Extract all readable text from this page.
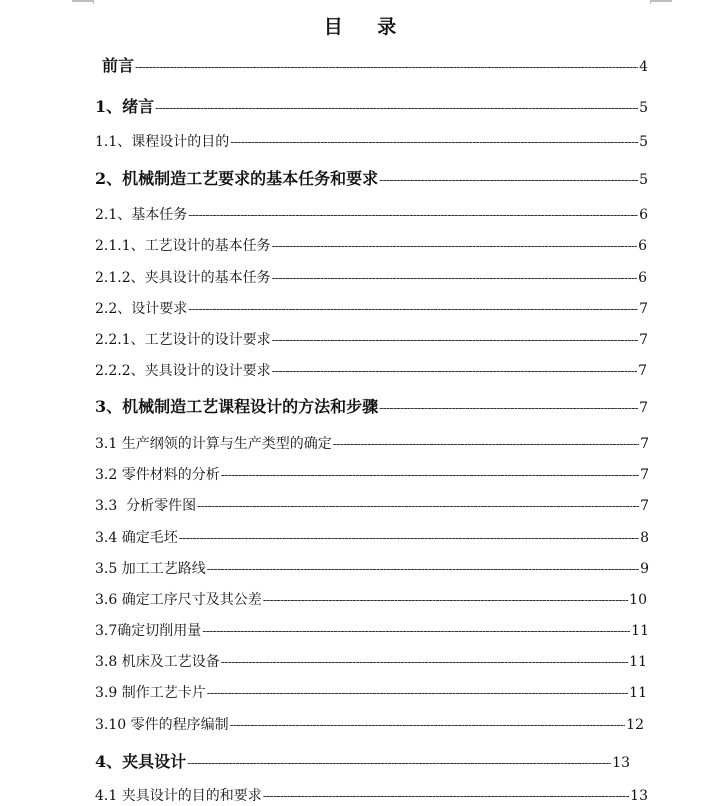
目 录
前言 -----	4
1、绪言 -----	5
1.1、课程设计的目的 -----	5
2、机械制造工艺要求的基本任务和要求 -----	5
2.1、基本任务 -----	6
2.1.1、工艺设计的基本任务 -----	6
2.1.2、夹具设计的基本任务 -----	6
2.2、设计要求 -----	7
2.2.1、工艺设计的设计要求 -----	7
2.2.2、夹具设计的设计要求 -----	7
3、机械制造工艺课程设计的方法和步骤 -----	7
3.1 生产纲领的计算与生产类型的确定 -----	7
3.2 零件材料的分析 -----	7
3.3  分析零件图 -----	7
3.4 确定毛坯 -----	8
3.5 加工工艺路线 -----	9
3.6 确定工序尺寸及其公差 -----	10
3.7确定切削用量 -----	11
3.8 机床及工艺设备 -----	11
3.9 制作工艺卡片 -----	11
3.10 零件的程序编制 -----	12
4、夹具设计 -----	13
4.1 夹具设计的目的和要求 -----	13
